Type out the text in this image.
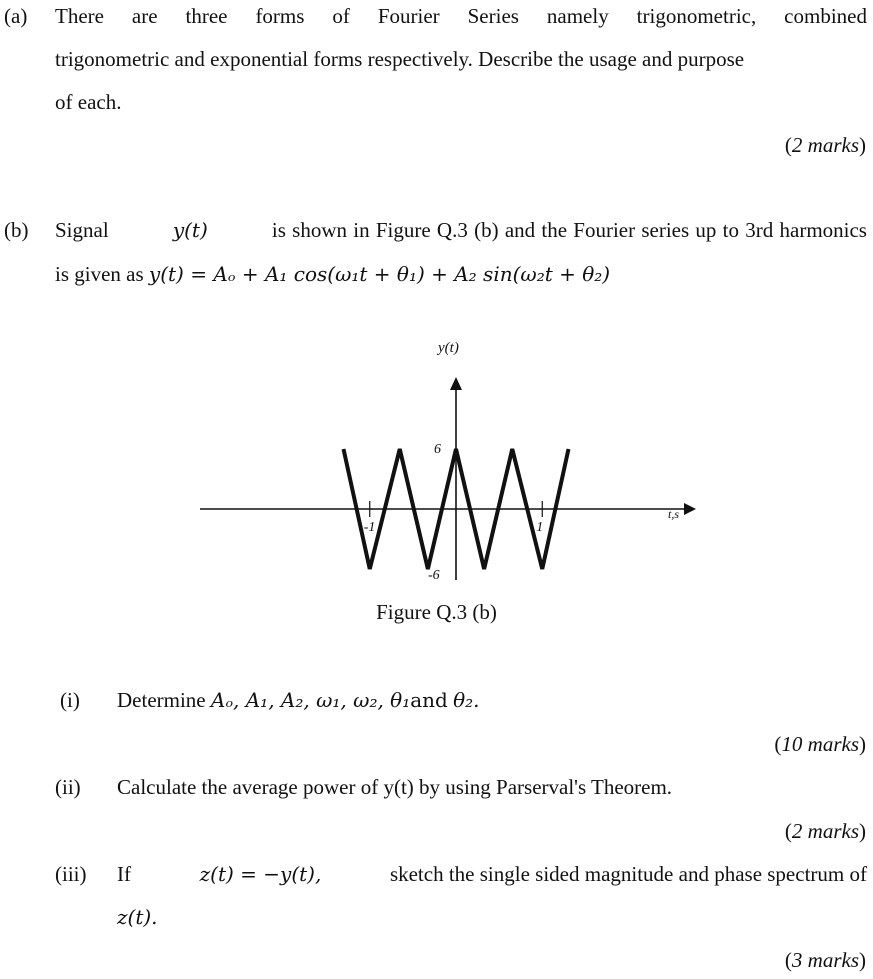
(a) There are three forms of Fourier Series namely trigonometric, combined
trigonometric and exponential forms respectively. Describe the usage and purpose
of each.
(2 marks)
(b) Signal	y(t)	is shown in Figure Q.3 (b) and the Fourier series up to 3rd harmonics
is given as y(t) = Aₒ + A₁ cos(ω₁t + θ₁) + A₂ sin(ω₂t + θ₂)
-1	1
6
-6
y(t)
t,s
Figure Q.3 (b)
(i) Determine Aₒ, A₁, A₂, ω₁, ω₂, θ₁and θ₂.
(10 marks)
(ii) Calculate the average power of y(t) by using Parserval's Theorem.
(2 marks)
(iii) If	z(t) = −y(t),	sketch the single sided magnitude and phase spectrum of
z(t).
(3 marks)
